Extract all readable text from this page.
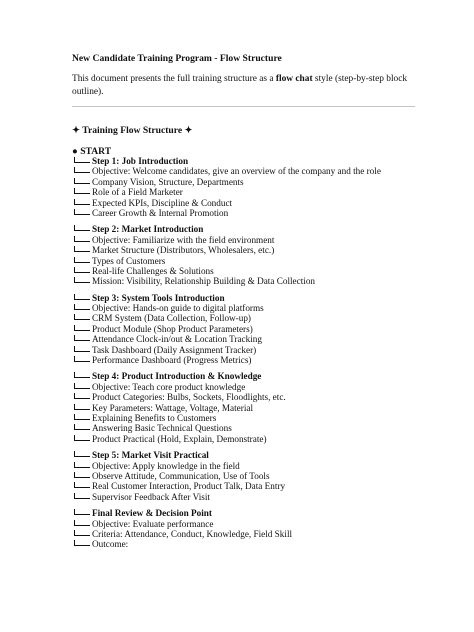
New Candidate Training Program - Flow Structure
This document presents the full training structure as a flow chat style (step-by-step block outline).
✦ Training Flow Structure ✦
● START
Step 1: Job Introduction
Objective: Welcome candidates, give an overview of the company and the role
Company Vision, Structure, Departments
Role of a Field Marketer
Expected KPIs, Discipline & Conduct
Career Growth & Internal Promotion
Step 2: Market Introduction
Objective: Familiarize with the field environment
Market Structure (Distributors, Wholesalers, etc.)
Types of Customers
Real-life Challenges & Solutions
Mission: Visibility, Relationship Building & Data Collection
Step 3: System Tools Introduction
Objective: Hands-on guide to digital platforms
CRM System (Data Collection, Follow-up)
Product Module (Shop Product Parameters)
Attendance Clock-in/out & Location Tracking
Task Dashboard (Daily Assignment Tracker)
Performance Dashboard (Progress Metrics)
Step 4: Product Introduction & Knowledge
Objective: Teach core product knowledge
Product Categories: Bulbs, Sockets, Floodlights, etc.
Key Parameters: Wattage, Voltage, Material
Explaining Benefits to Customers
Answering Basic Technical Questions
Product Practical (Hold, Explain, Demonstrate)
Step 5: Market Visit Practical
Objective: Apply knowledge in the field
Observe Attitude, Communication, Use of Tools
Real Customer Interaction, Product Talk, Data Entry
Supervisor Feedback After Visit
Final Review & Decision Point
Objective: Evaluate performance
Criteria: Attendance, Conduct, Knowledge, Field Skill
Outcome:
